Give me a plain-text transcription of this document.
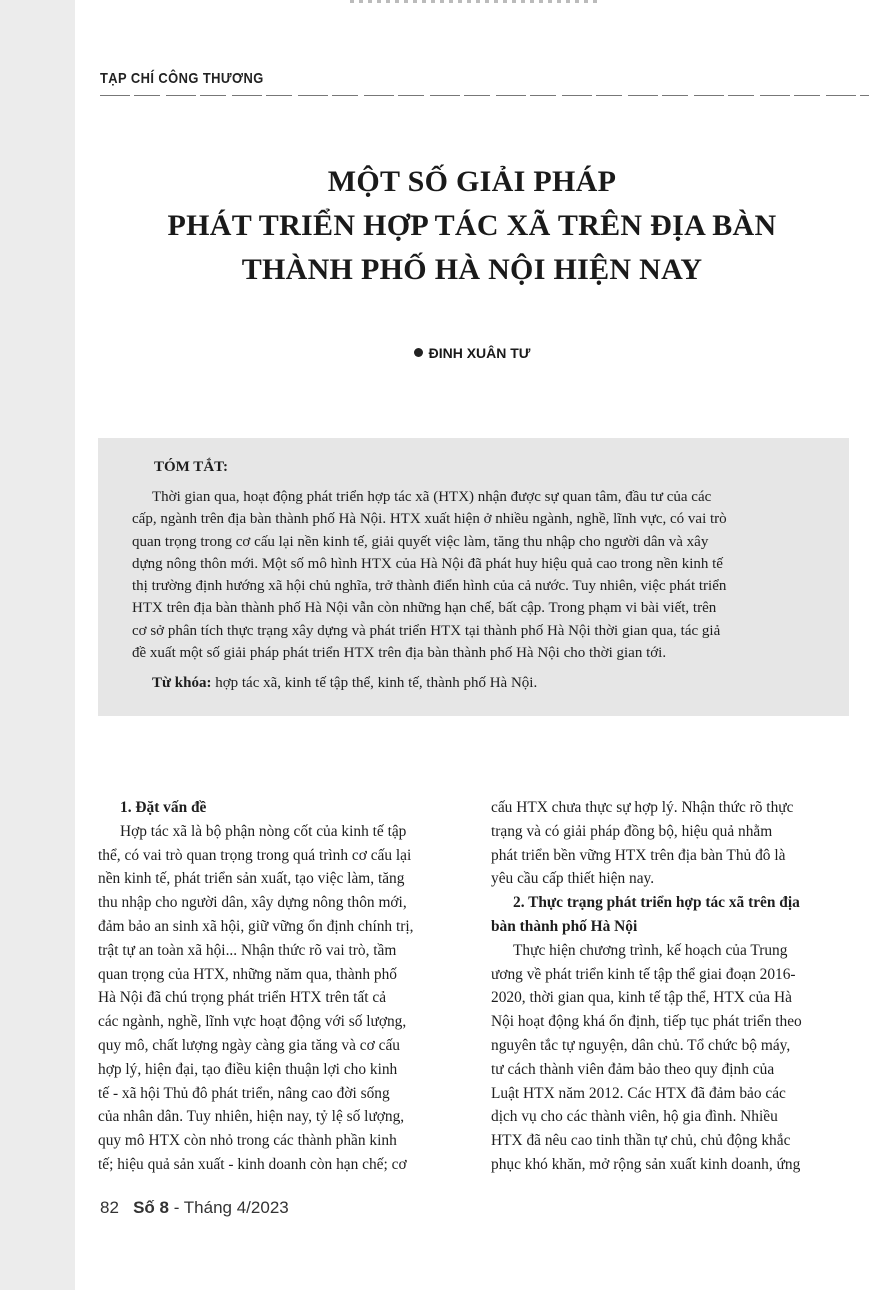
TẠP CHÍ CÔNG THƯƠNG
MỘT SỐ GIẢI PHÁP
PHÁT TRIỂN HỢP TÁC XÃ TRÊN ĐỊA BÀN
THÀNH PHỐ HÀ NỘI HIỆN NAY
ĐINH XUÂN TƯ
TÓM TẮT:
Thời gian qua, hoạt động phát triển hợp tác xã (HTX) nhận được sự quan tâm, đầu tư của các
cấp, ngành trên địa bàn thành phố Hà Nội. HTX xuất hiện ở nhiều ngành, nghề, lĩnh vực, có vai trò
quan trọng trong cơ cấu lại nền kinh tế, giải quyết việc làm, tăng thu nhập cho người dân và xây
dựng nông thôn mới. Một số mô hình HTX của Hà Nội đã phát huy hiệu quả cao trong nền kinh tế
thị trường định hướng xã hội chủ nghĩa, trở thành điển hình của cả nước. Tuy nhiên, việc phát triển
HTX trên địa bàn thành phố Hà Nội vẫn còn những hạn chế, bất cập. Trong phạm vi bài viết, trên
cơ sở phân tích thực trạng xây dựng và phát triển HTX tại thành phố Hà Nội thời gian qua, tác giả
đề xuất một số giải pháp phát triển HTX trên địa bàn thành phố Hà Nội cho thời gian tới.
Từ khóa: hợp tác xã, kinh tế tập thể, kinh tế, thành phố Hà Nội.
1. Đặt vấn đề
Hợp tác xã là bộ phận nòng cốt của kinh tế tập
thể, có vai trò quan trọng trong quá trình cơ cấu lại
nền kinh tế, phát triển sản xuất, tạo việc làm, tăng
thu nhập cho người dân, xây dựng nông thôn mới,
đảm bảo an sinh xã hội, giữ vững ổn định chính trị,
trật tự an toàn xã hội... Nhận thức rõ vai trò, tầm
quan trọng của HTX, những năm qua, thành phố
Hà Nội đã chú trọng phát triển HTX trên tất cả
các ngành, nghề, lĩnh vực hoạt động với số lượng,
quy mô, chất lượng ngày càng gia tăng và cơ cấu
hợp lý, hiện đại, tạo điều kiện thuận lợi cho kinh
tế - xã hội Thủ đô phát triển, nâng cao đời sống
của nhân dân. Tuy nhiên, hiện nay, tỷ lệ số lượng,
quy mô HTX còn nhỏ trong các thành phần kinh
tế; hiệu quả sản xuất - kinh doanh còn hạn chế; cơ
cấu HTX chưa thực sự hợp lý. Nhận thức rõ thực
trạng và có giải pháp đồng bộ, hiệu quả nhằm
phát triển bền vững HTX trên địa bàn Thủ đô là
yêu cầu cấp thiết hiện nay.
2. Thực trạng phát triển hợp tác xã trên địa
bàn thành phố Hà Nội
Thực hiện chương trình, kế hoạch của Trung
ương về phát triển kinh tế tập thể giai đoạn 2016-
2020, thời gian qua, kinh tế tập thể, HTX của Hà
Nội hoạt động khá ổn định, tiếp tục phát triển theo
nguyên tắc tự nguyện, dân chủ. Tổ chức bộ máy,
tư cách thành viên đảm bảo theo quy định của
Luật HTX năm 2012. Các HTX đã đảm bảo các
dịch vụ cho các thành viên, hộ gia đình. Nhiều
HTX đã nêu cao tinh thần tự chủ, chủ động khắc
phục khó khăn, mở rộng sản xuất kinh doanh, ứng
82 Số 8 - Tháng 4/2023
